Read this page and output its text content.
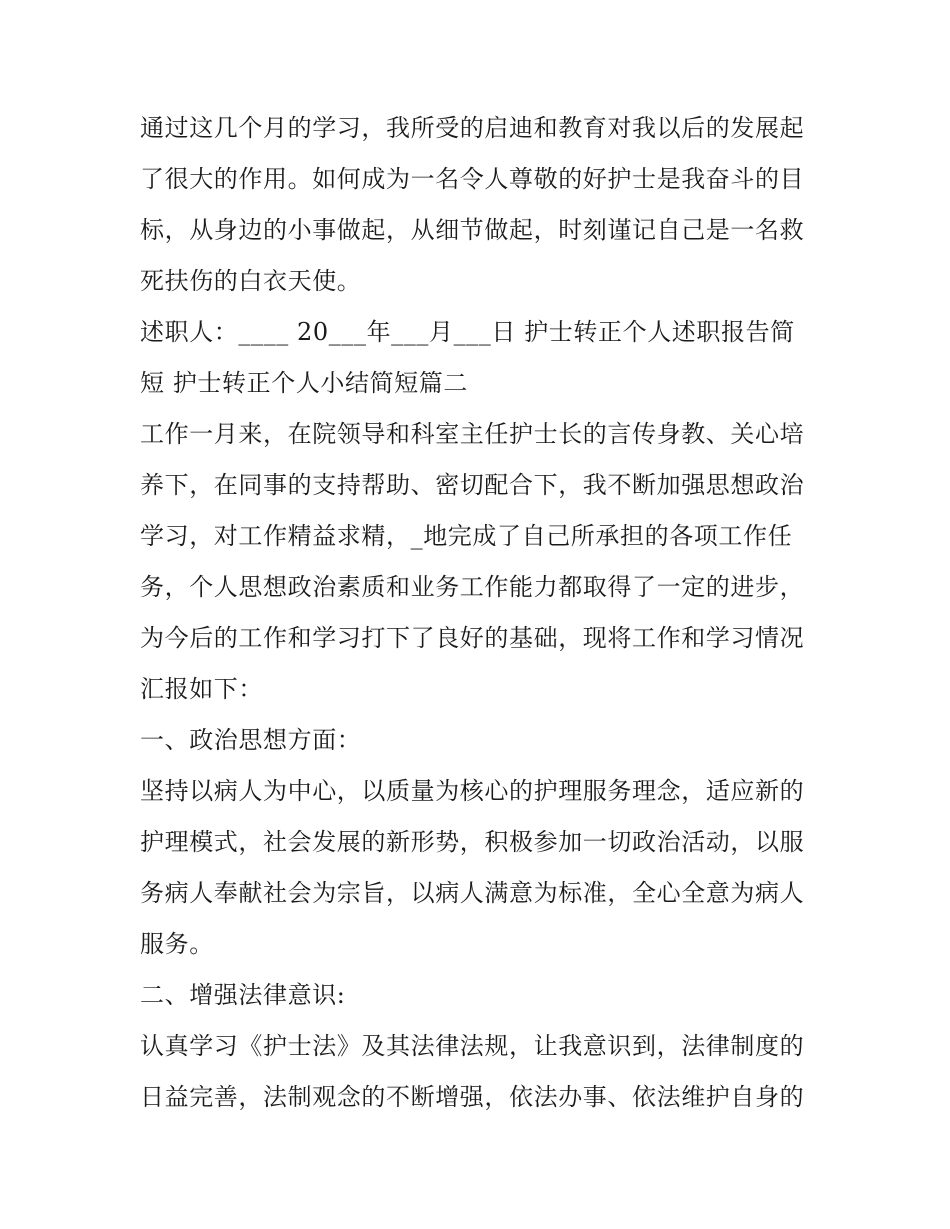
通过这几个月的学习，我所受的启迪和教育对我以后的发展起
了很大的作用。如何成为一名令人尊敬的好护士是我奋斗的目
标，从身边的小事做起，从细节做起，时刻谨记自己是一名救
死扶伤的白衣天使。
述职人：____ 20___年___月___日 护士转正个人述职报告简
短 护士转正个人小结简短篇二
工作一月来，在院领导和科室主任护士长的言传身教、关心培
养下，在同事的支持帮助、密切配合下，我不断加强思想政治
学习，对工作精益求精，_地完成了自己所承担的各项工作任
务，个人思想政治素质和业务工作能力都取得了一定的进步，
为今后的工作和学习打下了良好的基础，现将工作和学习情况
汇报如下：
一、政治思想方面：
坚持以病人为中心，以质量为核心的护理服务理念，适应新的
护理模式，社会发展的新形势，积极参加一切政治活动，以服
务病人奉献社会为宗旨，以病人满意为标准，全心全意为病人
服务。
二、增强法律意识:
认真学习《护士法》及其法律法规，让我意识到，法律制度的
日益完善，法制观念的不断增强，依法办事、依法维护自身的
